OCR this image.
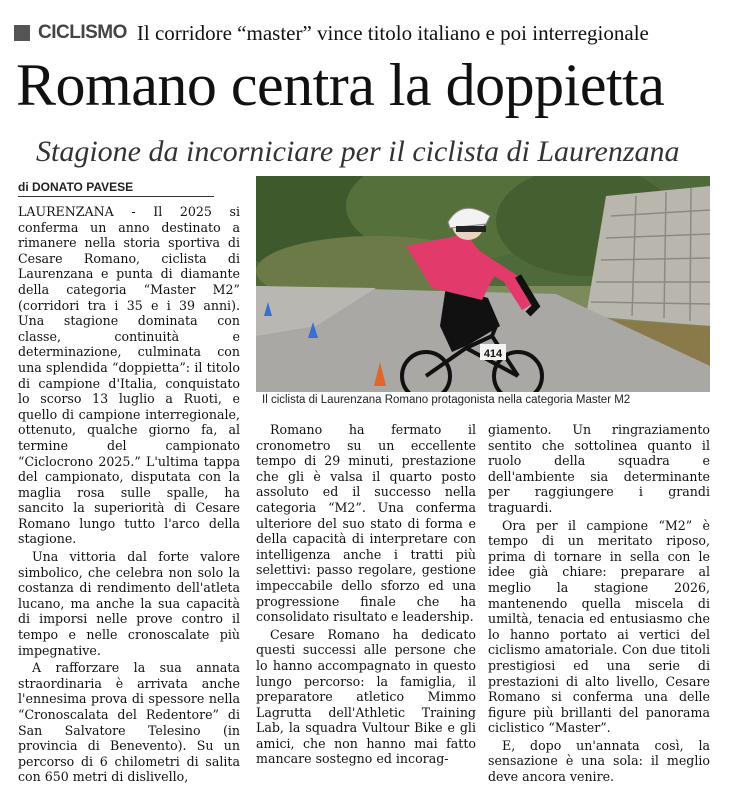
CICLISMO Il corridore “master” vince titolo italiano e poi interregionale
Romano centra la doppietta
Stagione da incorniciare per il ciclista di Laurenzana
di DONATO PAVESE

LAURENZANA - Il 2025 si conferma un anno destinato a rimanere nella storia sportiva di Cesare Romano, ciclista di Laurenzana e punta di diamante della categoria “Master M2” (corridori tra i 35 e i 39 anni). Una stagione dominata con classe, continuità e determinazione, culminata con una splendida “doppietta”: il titolo di campione d'Italia, conquistato lo scorso 13 luglio a Ruoti, e quello di campione interregionale, ottenuto, qualche giorno fa, al termine del campionato “Ciclocrono 2025.” L'ultima tappa del campionato, disputata con la maglia rosa sulle spalle, ha sancito la superiorità di Cesare Romano lungo tutto l'arco della stagione.

Una vittoria dal forte valore simbolico, che celebra non solo la costanza di rendimento dell'atleta lucano, ma anche la sua capacità di imporsi nelle prove contro il tempo e nelle cronoscalate più impegnative.

A rafforzare la sua annata straordinaria è arrivata anche l'ennesima prova di spessore nella “Cronoscalata del Redentore” di San Salvatore Telesino (in provincia di Benevento). Su un percorso di 6 chilometri di salita con 650 metri di dislivello,

414
Il ciclista di Laurenzana Romano protagonista nella categoria Master M2

Romano ha fermato il cronometro su un eccellente tempo di 29 minuti, prestazione che gli è valsa il quarto posto assoluto ed il successo nella categoria “M2”. Una conferma ulteriore del suo stato di forma e della capacità di interpretare con intelligenza anche i tratti più selettivi: passo regolare, gestione impeccabile dello sforzo ed una progressione finale che ha consolidato risultato e leadership.

Cesare Romano ha dedicato questi successi alle persone che lo hanno accompagnato in questo lungo percorso: la famiglia, il preparatore atletico Mimmo Lagrutta dell'Athletic Training Lab, la squadra Vultour Bike e gli amici, che non hanno mai fatto mancare sostegno ed incorag-

giamento. Un ringraziamento sentito che sottolinea quanto il ruolo della squadra e dell'ambiente sia determinante per raggiungere i grandi traguardi.

Ora per il campione “M2” è tempo di un meritato riposo, prima di tornare in sella con le idee già chiare: preparare al meglio la stagione 2026, mantenendo quella miscela di umiltà, tenacia ed entusiasmo che lo hanno portato ai vertici del ciclismo amatoriale. Con due titoli prestigiosi ed una serie di prestazioni di alto livello, Cesare Romano si conferma una delle figure più brillanti del panorama ciclistico “Master”.

E, dopo un'annata così, la sensazione è una sola: il meglio deve ancora venire.
